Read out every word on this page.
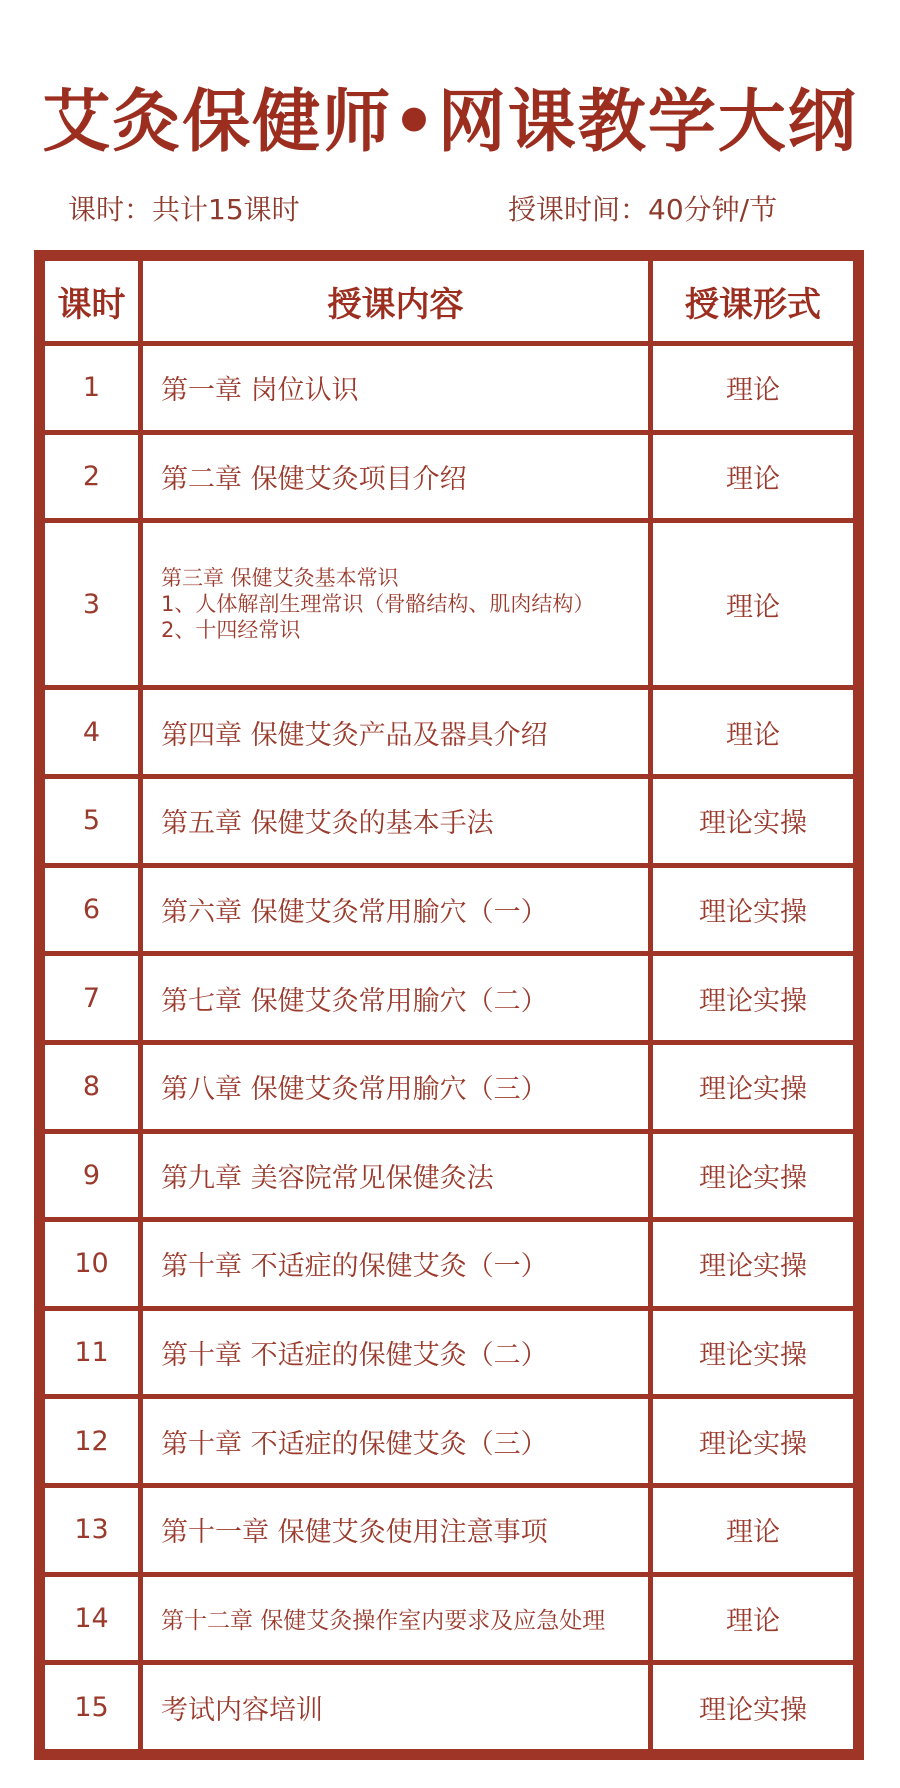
艾灸保健师•网课教学大纲
课时：共计15课时	授课时间：40分钟/节
课时	授课内容	授课形式
1	第一章 岗位认识	理论
2	第二章 保健艾灸项目介绍	理论
3	第三章 保健艾灸基本常识
1、人体解剖生理常识（骨骼结构、肌肉结构）
2、十四经常识	理论
4	第四章 保健艾灸产品及器具介绍	理论
5	第五章 保健艾灸的基本手法	理论实操
6	第六章 保健艾灸常用腧穴（一）	理论实操
7	第七章 保健艾灸常用腧穴（二）	理论实操
8	第八章 保健艾灸常用腧穴（三）	理论实操
9	第九章 美容院常见保健灸法	理论实操
10	第十章 不适症的保健艾灸（一）	理论实操
11	第十章 不适症的保健艾灸（二）	理论实操
12	第十章 不适症的保健艾灸（三）	理论实操
13	第十一章 保健艾灸使用注意事项	理论
14	第十二章 保健艾灸操作室内要求及应急处理	理论
15	考试内容培训	理论实操
